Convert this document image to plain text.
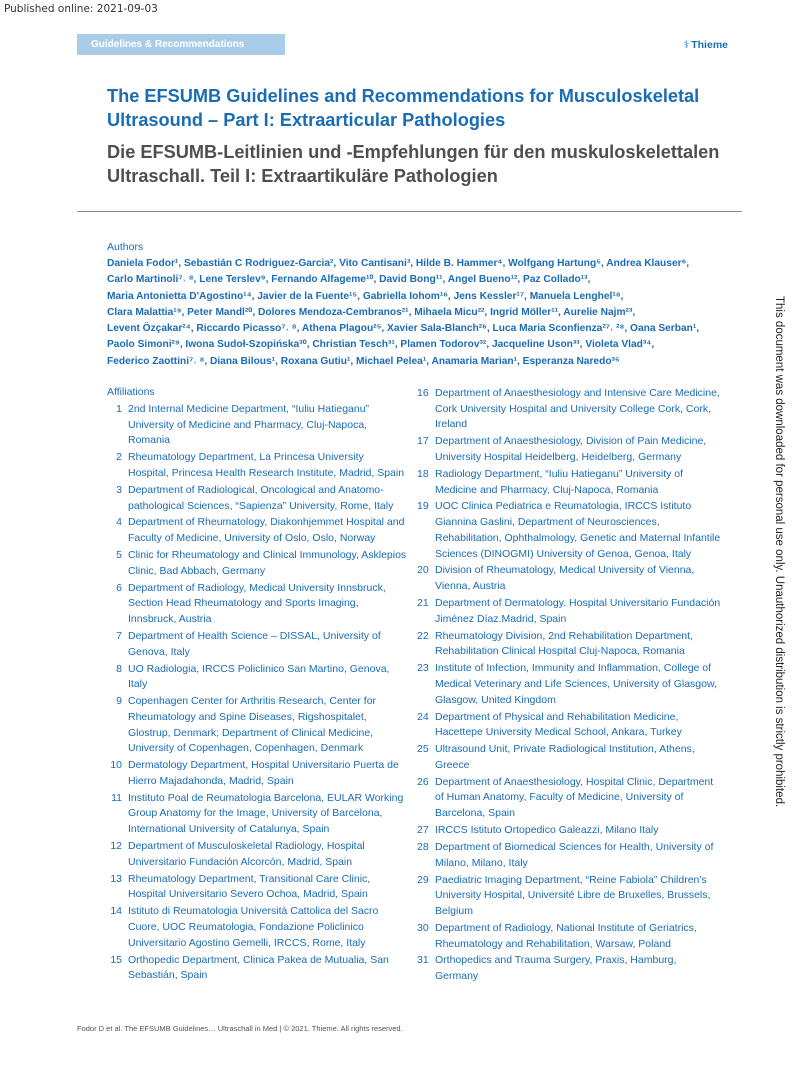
Published online: 2021-09-03
Guidelines & Recommendations	⚕ Thieme
The EFSUMB Guidelines and Recommendations for Musculoskeletal Ultrasound – Part I: Extraarticular Pathologies
Die EFSUMB-Leitlinien und -Empfehlungen für den muskuloskelettalen Ultraschall. Teil I: Extraartikuläre Pathologien
Authors
Daniela Fodor¹, Sebastián C Rodriguez-Garcia², Vito Cantisani³, Hilde B. Hammer⁴, Wolfgang Hartung⁵, Andrea Klauser⁶,
Carlo Martinoli⁷˒ ⁸, Lene Terslev⁹, Fernando Alfageme¹⁰, David Bong¹¹, Angel Bueno¹², Paz Collado¹³,
Maria Antonietta D'Agostino¹⁴, Javier de la Fuente¹⁵, Gabriella Iohom¹⁶, Jens Kessler¹⁷, Manuela Lenghel¹⁸,
Clara Malattia¹⁹, Peter Mandl²⁰, Dolores Mendoza-Cembranos²¹, Mihaela Micu²², Ingrid Möller¹¹, Aurelie Najm²³,
Levent Özçakar²⁴, Riccardo Picasso⁷˒ ⁸, Athena Plagou²⁵, Xavier Sala-Blanch²⁶, Luca Maria Sconfienza²⁷˒ ²⁸, Oana Serban¹,
Paolo Simoni²⁹, Iwona Sudoł-Szopińska³⁰, Christian Tesch³¹, Plamen Todorov³², Jacqueline Uson³³, Violeta Vlad³⁴,
Federico Zaottini⁷˒ ⁸, Diana Bilous¹, Roxana Gutiu¹, Michael Pelea¹, Anamaria Marian¹, Esperanza Naredo³⁵
Affiliations
1 2nd Internal Medicine Department, “Iuliu Hatieganu” University of Medicine and Pharmacy, Cluj-Napoca, Romania
2 Rheumatology Department, La Princesa University Hospital, Princesa Health Research Institute, Madrid, Spain
3 Department of Radiological, Oncological and Anatomo-pathological Sciences, “Sapienza” University, Rome, Italy
4 Department of Rheumatology, Diakonhjemmet Hospital and Faculty of Medicine, University of Oslo, Oslo, Norway
5 Clinic for Rheumatology and Clinical Immunology, Asklepios Clinic, Bad Abbach, Germany
6 Department of Radiology, Medical University Innsbruck, Section Head Rheumatology and Sports Imaging, Innsbruck, Austria
7 Department of Health Science – DISSAL, University of Genova, Italy
8 UO Radiologia, IRCCS Policlinico San Martino, Genova, Italy
9 Copenhagen Center for Arthritis Research, Center for Rheumatology and Spine Diseases, Rigshospitalet, Glostrup, Denmark; Department of Clinical Medicine, University of Copenhagen, Copenhagen, Denmark
10 Dermatology Department, Hospital Universitario Puerta de Hierro Majadahonda, Madrid, Spain
11 Instituto Poal de Reumatologia Barcelona, EULAR Working Group Anatomy for the Image, University of Barcelona, International University of Catalunya, Spain
12 Department of Musculoskeletal Radiology, Hospital Universitario Fundación Alcorcón, Madrid, Spain
13 Rheumatology Department, Transitional Care Clinic, Hospital Universitario Severo Ochoa, Madrid, Spain
14 Istituto di Reumatologia Università Cattolica del Sacro Cuore, UOC Reumatologia, Fondazione Policlinico Universitario Agostino Gemelli, IRCCS, Rome, Italy
15 Orthopedic Department, Clinica Pakea de Mutualia, San Sebastián, Spain
16 Department of Anaesthesiology and Intensive Care Medicine, Cork University Hospital and University College Cork, Cork, Ireland
17 Department of Anaesthesiology, Division of Pain Medicine, University Hospital Heidelberg, Heidelberg, Germany
18 Radiology Department, “Iuliu Hatieganu” University of Medicine and Pharmacy, Cluj-Napoca, Romania
19 UOC Clinica Pediatrica e Reumatologia, IRCCS Istituto Giannina Gaslini, Department of Neurosciences, Rehabilitation, Ophthalmology, Genetic and Maternal Infantile Sciences (DINOGMI) University of Genoa, Genoa, Italy
20 Division of Rheumatology, Medical University of Vienna, Vienna, Austria
21 Department of Dermatology. Hospital Universitario Fundación Jiménez Díaz.Madrid, Spain
22 Rheumatology Division, 2nd Rehabilitation Department, Rehabilitation Clinical Hospital Cluj-Napoca, Romania
23 Institute of Infection, Immunity and Inflammation, College of Medical Veterinary and Life Sciences, University of Glasgow, Glasgow, United Kingdom
24 Department of Physical and Rehabilitation Medicine, Hacettepe University Medical School, Ankara, Turkey
25 Ultrasound Unit, Private Radiological Institution, Athens, Greece
26 Department of Anaesthesiology, Hospital Clinic, Department of Human Anatomy, Faculty of Medicine, University of Barcelona, Spain
27 IRCCS Istituto Ortopedico Galeazzi, Milano Italy
28 Department of Biomedical Sciences for Health, University of Milano, Milano, Italy
29 Paediatric Imaging Department, “Reine Fabiola” Children’s University Hospital, Université Libre de Bruxelles, Brussels, Belgium
30 Department of Radiology, National Institute of Geriatrics, Rheumatology and Rehabilitation, Warsaw, Poland
31 Orthopedics and Trauma Surgery, Praxis, Hamburg, Germany
Fodor D et al. The EFSUMB Guidelines… Ultraschall in Med | © 2021. Thieme. All rights reserved.
This document was downloaded for personal use only. Unauthorized distribution is strictly prohibited.
